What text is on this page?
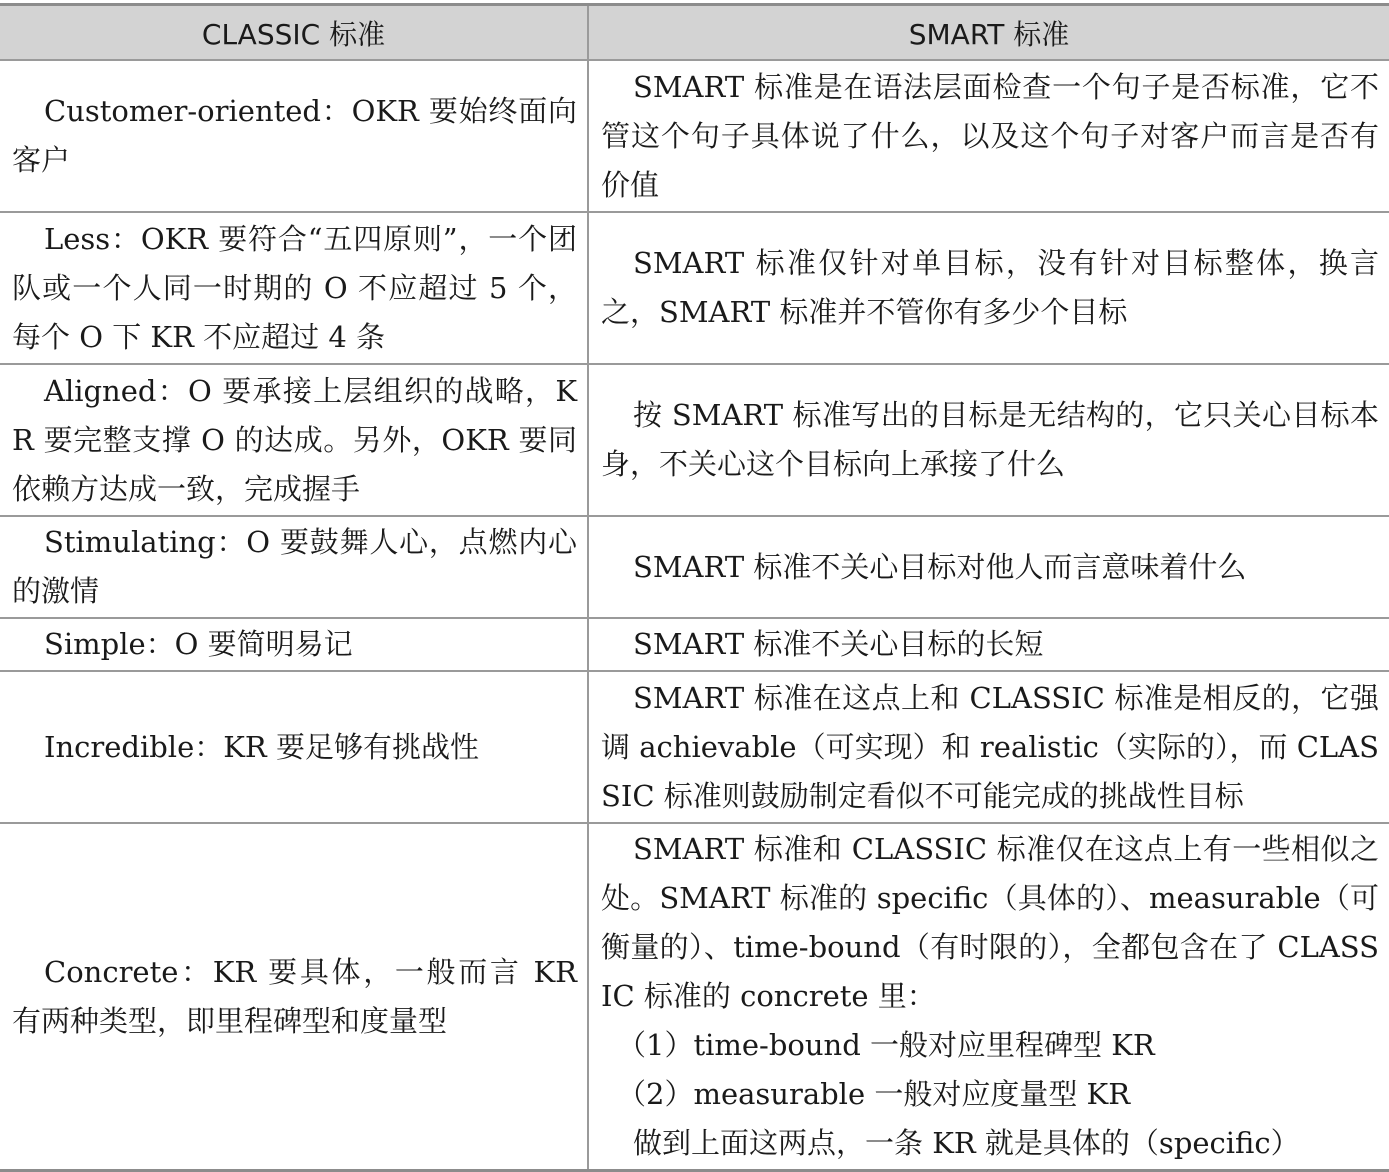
CLASSIC 标准	SMART 标准

Customer-oriented：OKR 要始终面向客户	SMART 标准是在语法层面检查一个句子是否标准，它不管这个句子具体说了什么，以及这个句子对客户而言是否有价值

Less：OKR 要符合“五四原则”，一个团队或一个人同一时期的 O 不应超过 5 个，每个 O 下 KR 不应超过 4 条	SMART 标准仅针对单目标，没有针对目标整体，换言之，SMART 标准并不管你有多少个目标

Aligned：O 要承接上层组织的战略，KR 要完整支撑 O 的达成。另外，OKR 要同依赖方达成一致，完成握手	按 SMART 标准写出的目标是无结构的，它只关心目标本身，不关心这个目标向上承接了什么

Stimulating：O 要鼓舞人心，点燃内心的激情	SMART 标准不关心目标对他人而言意味着什么

Simple：O 要简明易记	SMART 标准不关心目标的长短

Incredible：KR 要足够有挑战性	SMART 标准在这点上和 CLASSIC 标准是相反的，它强调 achievable（可实现）和 realistic（实际的），而 CLASSIC 标准则鼓励制定看似不可能完成的挑战性目标

Concrete：KR 要具体，一般而言 KR 有两种类型，即里程碑型和度量型	SMART 标准和 CLASSIC 标准仅在这点上有一些相似之处。SMART 标准的 specific（具体的）、measurable（可衡量的）、time-bound（有时限的），全都包含在了 CLASSIC 标准的 concrete 里：

（1）time-bound 一般对应里程碑型 KR

（2）measurable 一般对应度量型 KR

做到上面这两点，一条 KR 就是具体的（specific）
